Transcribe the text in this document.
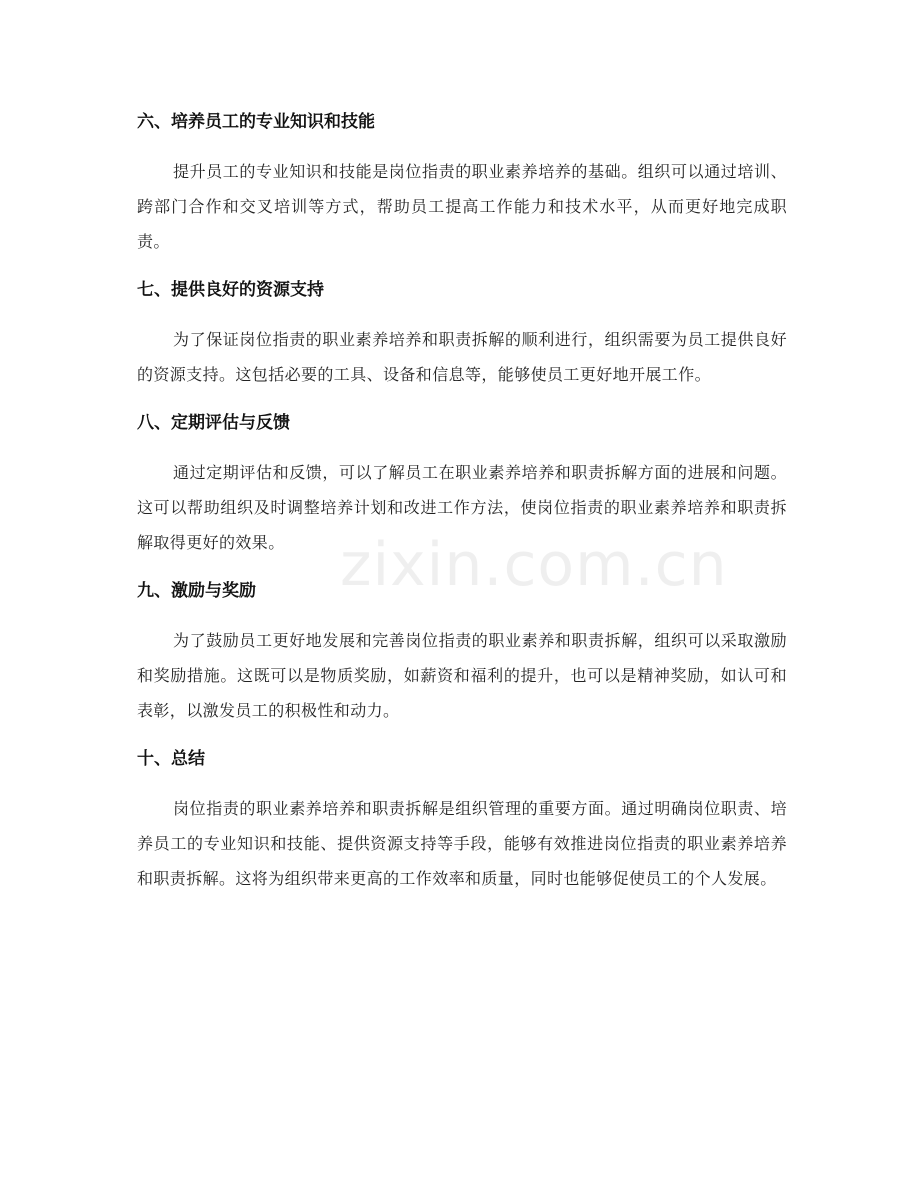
六、培养员工的专业知识和技能

提升员工的专业知识和技能是岗位指责的职业素养培养的基础。组织可以通过培训、跨部门合作和交叉培训等方式，帮助员工提高工作能力和技术水平，从而更好地完成职责。

七、提供良好的资源支持

为了保证岗位指责的职业素养培养和职责拆解的顺利进行，组织需要为员工提供良好的资源支持。这包括必要的工具、设备和信息等，能够使员工更好地开展工作。

八、定期评估与反馈

通过定期评估和反馈，可以了解员工在职业素养培养和职责拆解方面的进展和问题。这可以帮助组织及时调整培养计划和改进工作方法，使岗位指责的职业素养培养和职责拆解取得更好的效果。

九、激励与奖励

为了鼓励员工更好地发展和完善岗位指责的职业素养和职责拆解，组织可以采取激励和奖励措施。这既可以是物质奖励，如薪资和福利的提升，也可以是精神奖励，如认可和表彰，以激发员工的积极性和动力。

十、总结

岗位指责的职业素养培养和职责拆解是组织管理的重要方面。通过明确岗位职责、培养员工的专业知识和技能、提供资源支持等手段，能够有效推进岗位指责的职业素养培养和职责拆解。这将为组织带来更高的工作效率和质量，同时也能够促使员工的个人发展。

zixin.com.cn
